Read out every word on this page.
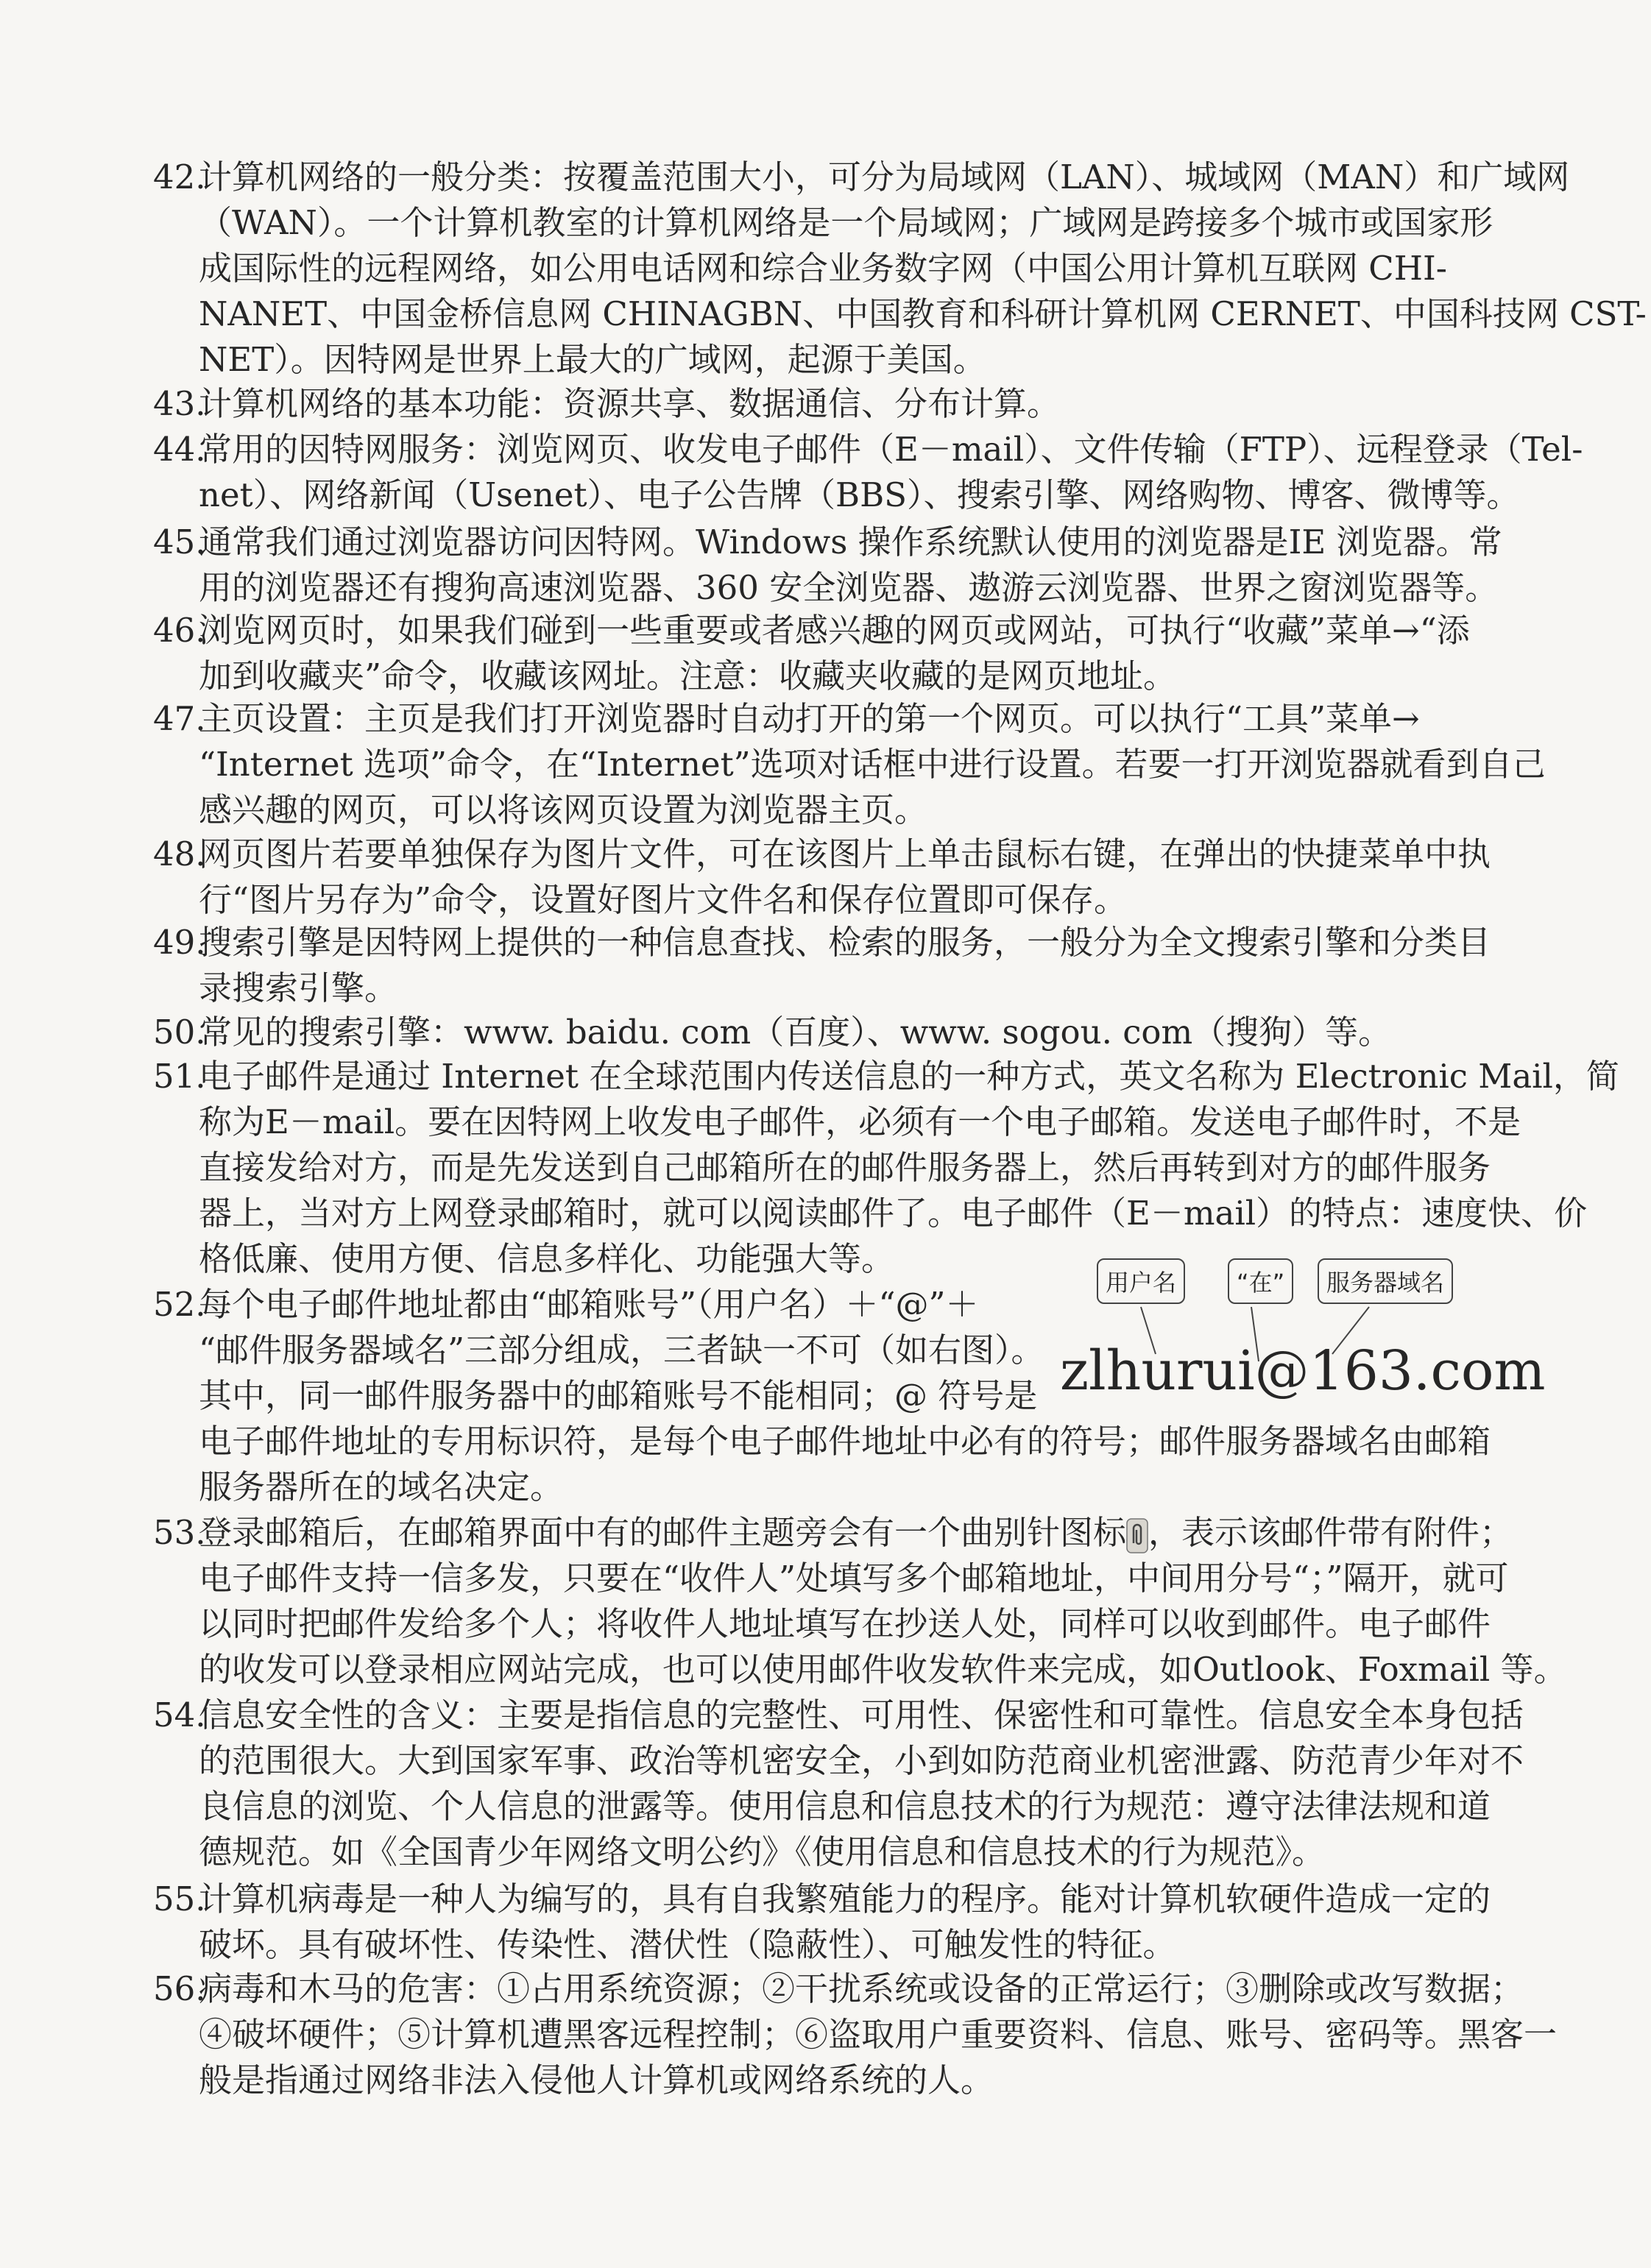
42.
计算机网络的一般分类：按覆盖范围大小，可分为局域网（LAN）、城域网（MAN）和广域网
（WAN）。一个计算机教室的计算机网络是一个局域网；广域网是跨接多个城市或国家形
成国际性的远程网络，如公用电话网和综合业务数字网（中国公用计算机互联网 CHI-
NANET、中国金桥信息网 CHINAGBN、中国教育和科研计算机网 CERNET、中国科技网 CST-
NET）。因特网是世界上最大的广域网，起源于美国。
43.
计算机网络的基本功能：资源共享、数据通信、分布计算。
44.
常用的因特网服务：浏览网页、收发电子邮件（E－mail）、文件传输（FTP）、远程登录（Tel-
net）、网络新闻（Usenet）、电子公告牌（BBS）、搜索引擎、网络购物、博客、微博等。
45.
通常我们通过浏览器访问因特网。Windows 操作系统默认使用的浏览器是IE 浏览器。常
用的浏览器还有搜狗高速浏览器、360 安全浏览器、遨游云浏览器、世界之窗浏览器等。
46.
浏览网页时，如果我们碰到一些重要或者感兴趣的网页或网站，可执行“收藏”菜单→“添
加到收藏夹”命令，收藏该网址。注意：收藏夹收藏的是网页地址。
47.
主页设置：主页是我们打开浏览器时自动打开的第一个网页。可以执行“工具”菜单→
“Internet 选项”命令，在“Internet”选项对话框中进行设置。若要一打开浏览器就看到自己
感兴趣的网页，可以将该网页设置为浏览器主页。
48.
网页图片若要单独保存为图片文件，可在该图片上单击鼠标右键，在弹出的快捷菜单中执
行“图片另存为”命令，设置好图片文件名和保存位置即可保存。
49.
搜索引擎是因特网上提供的一种信息查找、检索的服务，一般分为全文搜索引擎和分类目
录搜索引擎。
50.
常见的搜索引擎：www. baidu. com（百度）、www. sogou. com（搜狗）等。
51.
电子邮件是通过 Internet 在全球范围内传送信息的一种方式，英文名称为 Electronic Mail，简
称为E－mail。要在因特网上收发电子邮件，必须有一个电子邮箱。发送电子邮件时，不是
直接发给对方，而是先发送到自己邮箱所在的邮件服务器上，然后再转到对方的邮件服务
器上，当对方上网登录邮箱时，就可以阅读邮件了。电子邮件（E－mail）的特点：速度快、价
格低廉、使用方便、信息多样化、功能强大等。
52.
每个电子邮件地址都由“邮箱账号”（用户名）＋“@”＋
“邮件服务器域名”三部分组成，三者缺一不可（如右图）。
其中，同一邮件服务器中的邮箱账号不能相同；@ 符号是
电子邮件地址的专用标识符，是每个电子邮件地址中必有的符号；邮件服务器域名由邮箱
服务器所在的域名决定。
用户名	“在”	服务器域名
zlhurui@163.com
53.
登录邮箱后，在邮箱界面中有的邮件主题旁会有一个曲别针图标 ，表示该邮件带有附件；
电子邮件支持一信多发，只要在“收件人”处填写多个邮箱地址，中间用分号“；”隔开，就可
以同时把邮件发给多个人；将收件人地址填写在抄送人处，同样可以收到邮件。电子邮件
的收发可以登录相应网站完成，也可以使用邮件收发软件来完成，如Outlook、Foxmail 等。
54.
信息安全性的含义：主要是指信息的完整性、可用性、保密性和可靠性。信息安全本身包括
的范围很大。大到国家军事、政治等机密安全，小到如防范商业机密泄露、防范青少年对不
良信息的浏览、个人信息的泄露等。使用信息和信息技术的行为规范：遵守法律法规和道
德规范。如《全国青少年网络文明公约》《使用信息和信息技术的行为规范》。
55.
计算机病毒是一种人为编写的，具有自我繁殖能力的程序。能对计算机软硬件造成一定的
破坏。具有破坏性、传染性、潜伏性（隐蔽性）、可触发性的特征。
56.
病毒和木马的危害：①占用系统资源；②干扰系统或设备的正常运行；③删除或改写数据；
④破坏硬件；⑤计算机遭黑客远程控制；⑥盗取用户重要资料、信息、账号、密码等。黑客一
般是指通过网络非法入侵他人计算机或网络系统的人。
